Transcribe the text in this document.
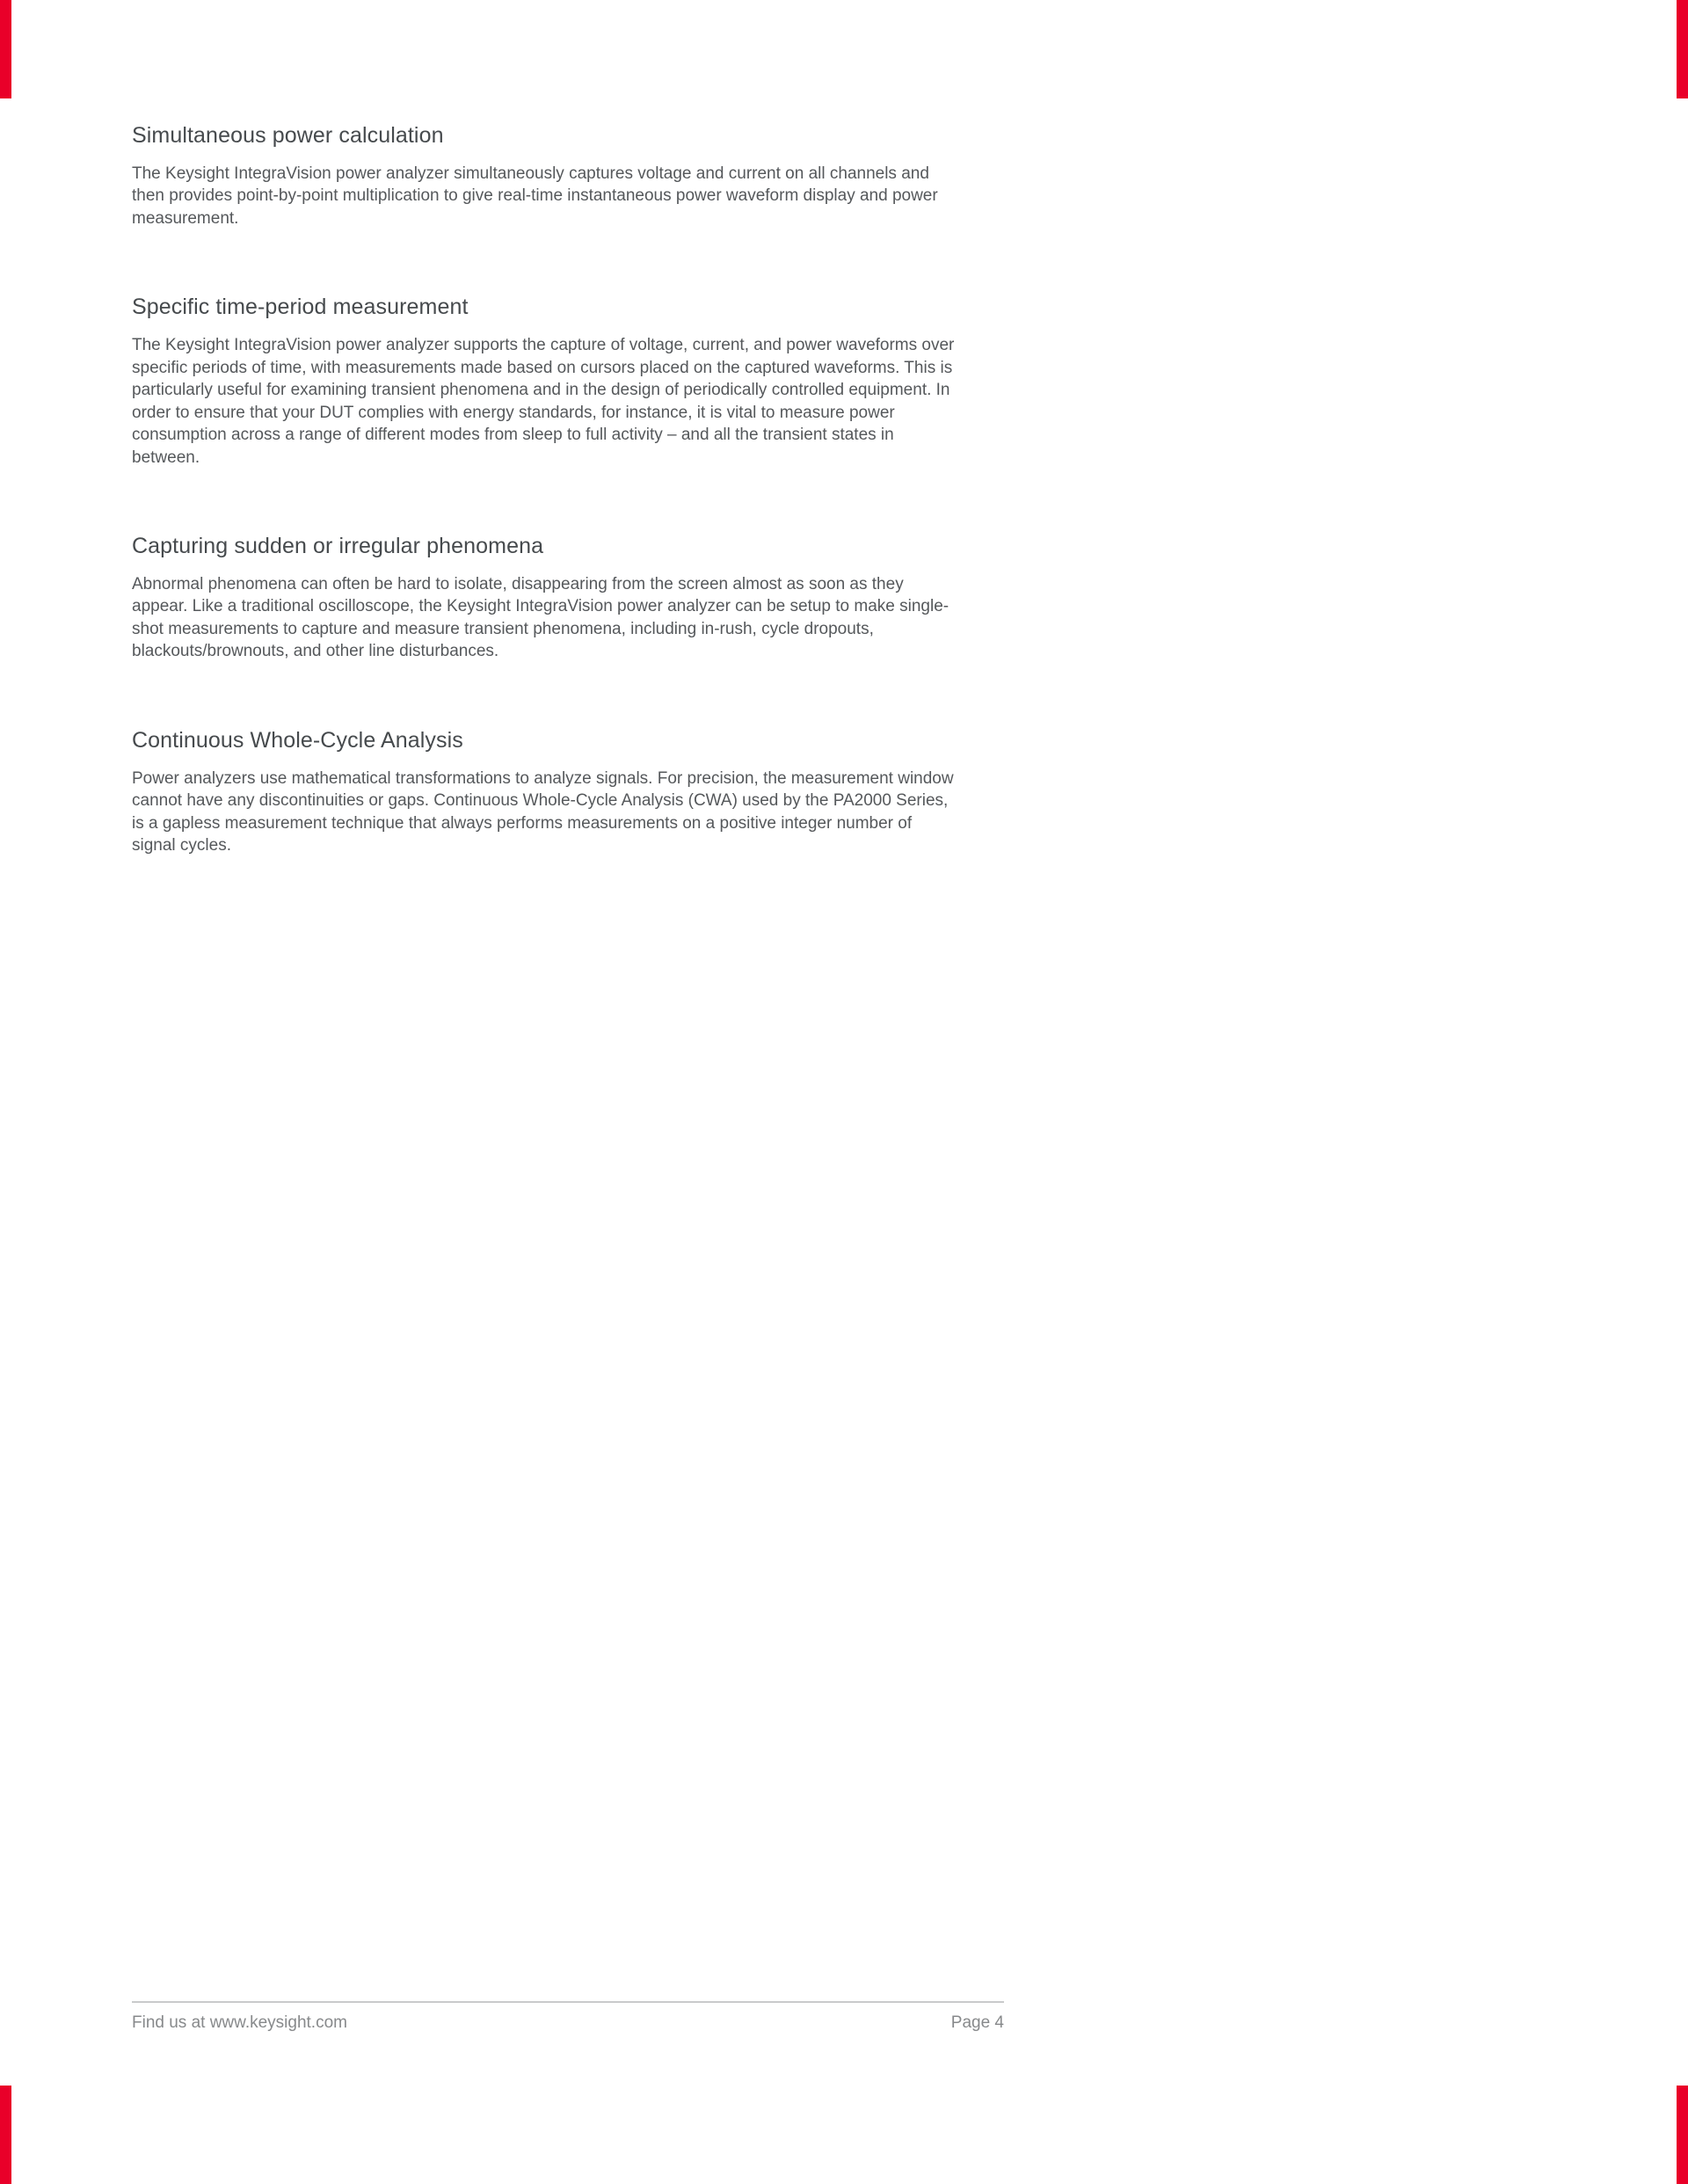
Simultaneous power calculation

The Keysight IntegraVision power analyzer simultaneously captures voltage and current on all channels and then provides point-by-point multiplication to give real-time instantaneous power waveform display and power measurement.

Specific time-period measurement

The Keysight IntegraVision power analyzer supports the capture of voltage, current, and power waveforms over specific periods of time, with measurements made based on cursors placed on the captured waveforms. This is particularly useful for examining transient phenomena and in the design of periodically controlled equipment. In order to ensure that your DUT complies with energy standards, for instance, it is vital to measure power consumption across a range of different modes from sleep to full activity – and all the transient states in between.

Capturing sudden or irregular phenomena

Abnormal phenomena can often be hard to isolate, disappearing from the screen almost as soon as they appear. Like a traditional oscilloscope, the Keysight IntegraVision power analyzer can be setup to make single-shot measurements to capture and measure transient phenomena, including in-rush, cycle dropouts, blackouts/brownouts, and other line disturbances.

Continuous Whole-Cycle Analysis

Power analyzers use mathematical transformations to analyze signals. For precision, the measurement window cannot have any discontinuities or gaps. Continuous Whole-Cycle Analysis (CWA) used by the PA2000 Series, is a gapless measurement technique that always performs measurements on a positive integer number of signal cycles.

Find us at www.keysight.com	Page 4
